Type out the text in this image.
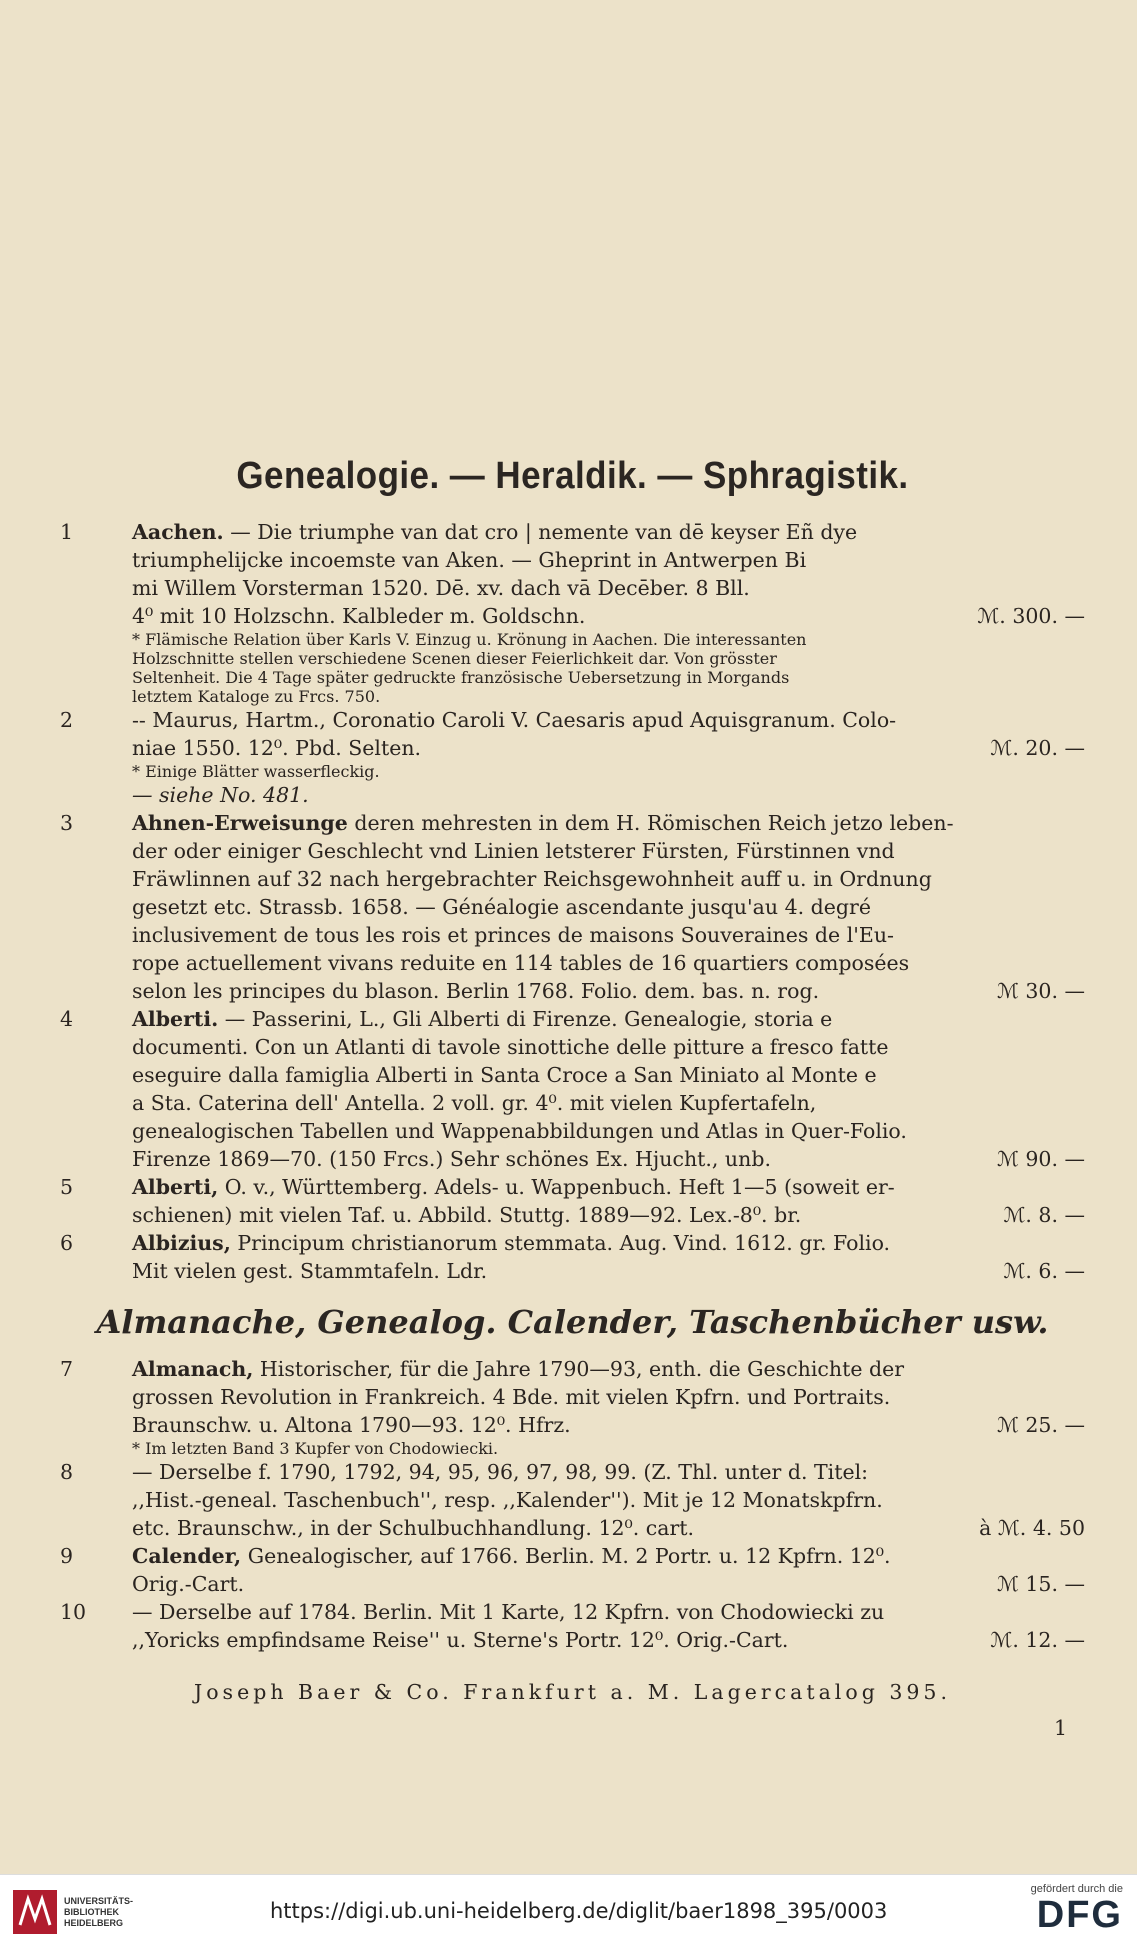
Genealogie. — Heraldik. — Sphragistik.
1	Aachen. — Die triumphe van dat cro | nemente van dē keyser Eñ dye
triumphelijcke incoemste van Aken. — Gheprint in Antwerpen Bi
mi Willem Vorsterman 1520. Dē. xv. dach vā Decēber. 8 Bll.
4⁰ mit 10 Holzschn. Kalbleder m. Goldschn.	ℳ. 300. —
* Flämische Relation über Karls V. Einzug u. Krönung in Aachen. Die interessanten
Holzschnitte stellen verschiedene Scenen dieser Feierlichkeit dar. Von grösster
Seltenheit. Die 4 Tage später gedruckte französische Uebersetzung in Morgands
letztem Kataloge zu Frcs. 750.
2	-- Maurus, Hartm., Coronatio Caroli V. Caesaris apud Aquisgranum. Colo-
niae 1550. 12⁰. Pbd. Selten.	ℳ. 20. —
* Einige Blätter wasserfleckig.
— siehe No. 481.
3	Ahnen-Erweisunge deren mehresten in dem H. Römischen Reich jetzo leben-
der oder einiger Geschlecht vnd Linien letsterer Fürsten, Fürstinnen vnd
Fräwlinnen auf 32 nach hergebrachter Reichsgewohnheit auff u. in Ordnung
gesetzt etc. Strassb. 1658. — Généalogie ascendante jusqu'au 4. degré
inclusivement de tous les rois et princes de maisons Souveraines de l'Eu-
rope actuellement vivans reduite en 114 tables de 16 quartiers composées
selon les principes du blason. Berlin 1768. Folio. dem. bas. n. rog.	ℳ 30. —
4	Alberti. — Passerini, L., Gli Alberti di Firenze. Genealogie, storia e
documenti. Con un Atlanti di tavole sinottiche delle pitture a fresco fatte
eseguire dalla famiglia Alberti in Santa Croce a San Miniato al Monte e
a Sta. Caterina dell' Antella. 2 voll. gr. 4⁰. mit vielen Kupfertafeln,
genealogischen Tabellen und Wappenabbildungen und Atlas in Quer-Folio.
Firenze 1869—70. (150 Frcs.) Sehr schönes Ex. Hjucht., unb.	ℳ 90. —
5	Alberti, O. v., Württemberg. Adels- u. Wappenbuch. Heft 1—5 (soweit er-
schienen) mit vielen Taf. u. Abbild. Stuttg. 1889—92. Lex.-8⁰. br.	ℳ. 8. —
6	Albizius, Principum christianorum stemmata. Aug. Vind. 1612. gr. Folio.
Mit vielen gest. Stammtafeln. Ldr.	ℳ. 6. —
Almanache, Genealog. Calender, Taschenbücher usw.
7	Almanach, Historischer, für die Jahre 1790—93, enth. die Geschichte der
grossen Revolution in Frankreich. 4 Bde. mit vielen Kpfrn. und Portraits.
Braunschw. u. Altona 1790—93. 12⁰. Hfrz.	ℳ 25. —
* Im letzten Band 3 Kupfer von Chodowiecki.
8	— Derselbe f. 1790, 1792, 94, 95, 96, 97, 98, 99. (Z. Thl. unter d. Titel:
,,Hist.-geneal. Taschenbuch'', resp. ,,Kalender''). Mit je 12 Monatskpfrn.
etc. Braunschw., in der Schulbuchhandlung. 12⁰. cart.	à ℳ. 4. 50
9	Calender, Genealogischer, auf 1766. Berlin. M. 2 Portr. u. 12 Kpfrn. 12⁰.
Orig.-Cart.	ℳ 15. —
10	— Derselbe auf 1784. Berlin. Mit 1 Karte, 12 Kpfrn. von Chodowiecki zu
,,Yoricks empfindsame Reise'' u. Sterne's Portr. 12⁰. Orig.-Cart.	ℳ. 12. —
Joseph Baer & Co. Frankfurt a. M. Lagercatalog 395.
1
UNIVERSITÄTS-
BIBLIOTHEK
HEIDELBERG	https://digi.ub.uni-heidelberg.de/diglit/baer1898_395/0003
gefördert durch die
DFG
